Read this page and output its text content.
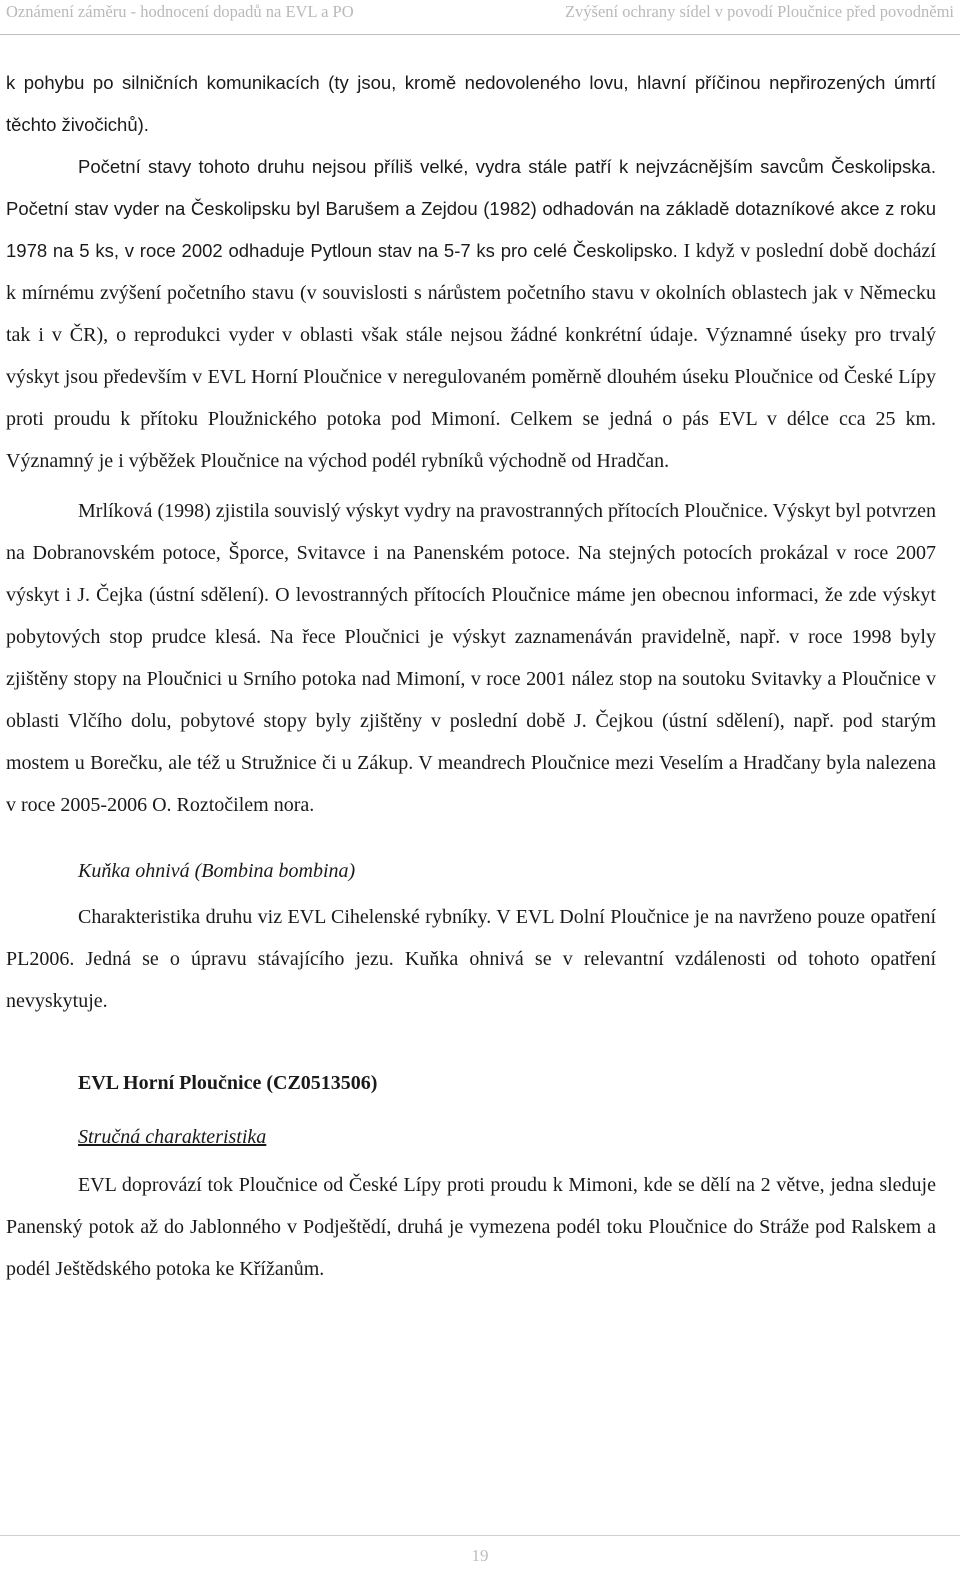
Oznámení záměru - hodnocení dopadů na EVL a PO	Zvýšení ochrany sídel v povodí Ploučnice před povodněmi

k pohybu po silničních komunikacích (ty jsou, kromě nedovoleného lovu, hlavní příčinou nepřirozených úmrtí těchto živočichů).

Početní stavy tohoto druhu nejsou příliš velké, vydra stále patří k nejvzácnějším savcům Českolipska. Početní stav vyder na Českolipsku byl Barušem a Zejdou (1982) odhadován na základě dotazníkové akce z roku 1978 na 5 ks, v roce 2002 odhaduje Pytloun stav na 5-7 ks pro celé Českolipsko. I když v poslední době dochází k mírnému zvýšení početního stavu (v souvislosti s nárůstem početního stavu v okolních oblastech jak v Německu tak i v ČR), o reprodukci vyder v oblasti však stále nejsou žádné konkrétní údaje. Významné úseky pro trvalý výskyt jsou především v EVL Horní Ploučnice v neregulovaném poměrně dlouhém úseku Ploučnice od České Lípy proti proudu k přítoku Ploužnického potoka pod Mimoní. Celkem se jedná o pás EVL v délce cca 25 km. Významný je i výběžek Ploučnice na východ podél rybníků východně od Hradčan.

Mrlíková (1998) zjistila souvislý výskyt vydry na pravostranných přítocích Ploučnice. Výskyt byl potvrzen na Dobranovském potoce, Šporce, Svitavce i na Panenském potoce. Na stejných potocích prokázal v roce 2007 výskyt i J. Čejka (ústní sdělení). O levostranných přítocích Ploučnice máme jen obecnou informaci, že zde výskyt pobytových stop prudce klesá. Na řece Ploučnici je výskyt zaznamenáván pravidelně, např. v roce 1998 byly zjištěny stopy na Ploučnici u Srního potoka nad Mimoní, v roce 2001 nález stop na soutoku Svitavky a Ploučnice v oblasti Vlčího dolu, pobytové stopy byly zjištěny v poslední době J. Čejkou (ústní sdělení), např. pod starým mostem u Borečku, ale též u Stružnice či u Zákup. V meandrech Ploučnice mezi Veselím a Hradčany byla nalezena v roce 2005-2006 O. Roztočilem nora.

Kuňka ohnivá (Bombina bombina)

Charakteristika druhu viz EVL Cihelenské rybníky. V EVL Dolní Ploučnice je na navrženo pouze opatření PL2006. Jedná se o úpravu stávajícího jezu. Kuňka ohnivá se v relevantní vzdálenosti od tohoto opatření nevyskytuje.

EVL Horní Ploučnice (CZ0513506)
Stručná charakteristika

EVL doprovází tok Ploučnice od České Lípy proti proudu k Mimoni, kde se dělí na 2 větve, jedna sleduje Panenský potok až do Jablonného v Podještědí, druhá je vymezena podél toku Ploučnice do Stráže pod Ralskem a podél Ještědského potoka ke Křížanům.

19
